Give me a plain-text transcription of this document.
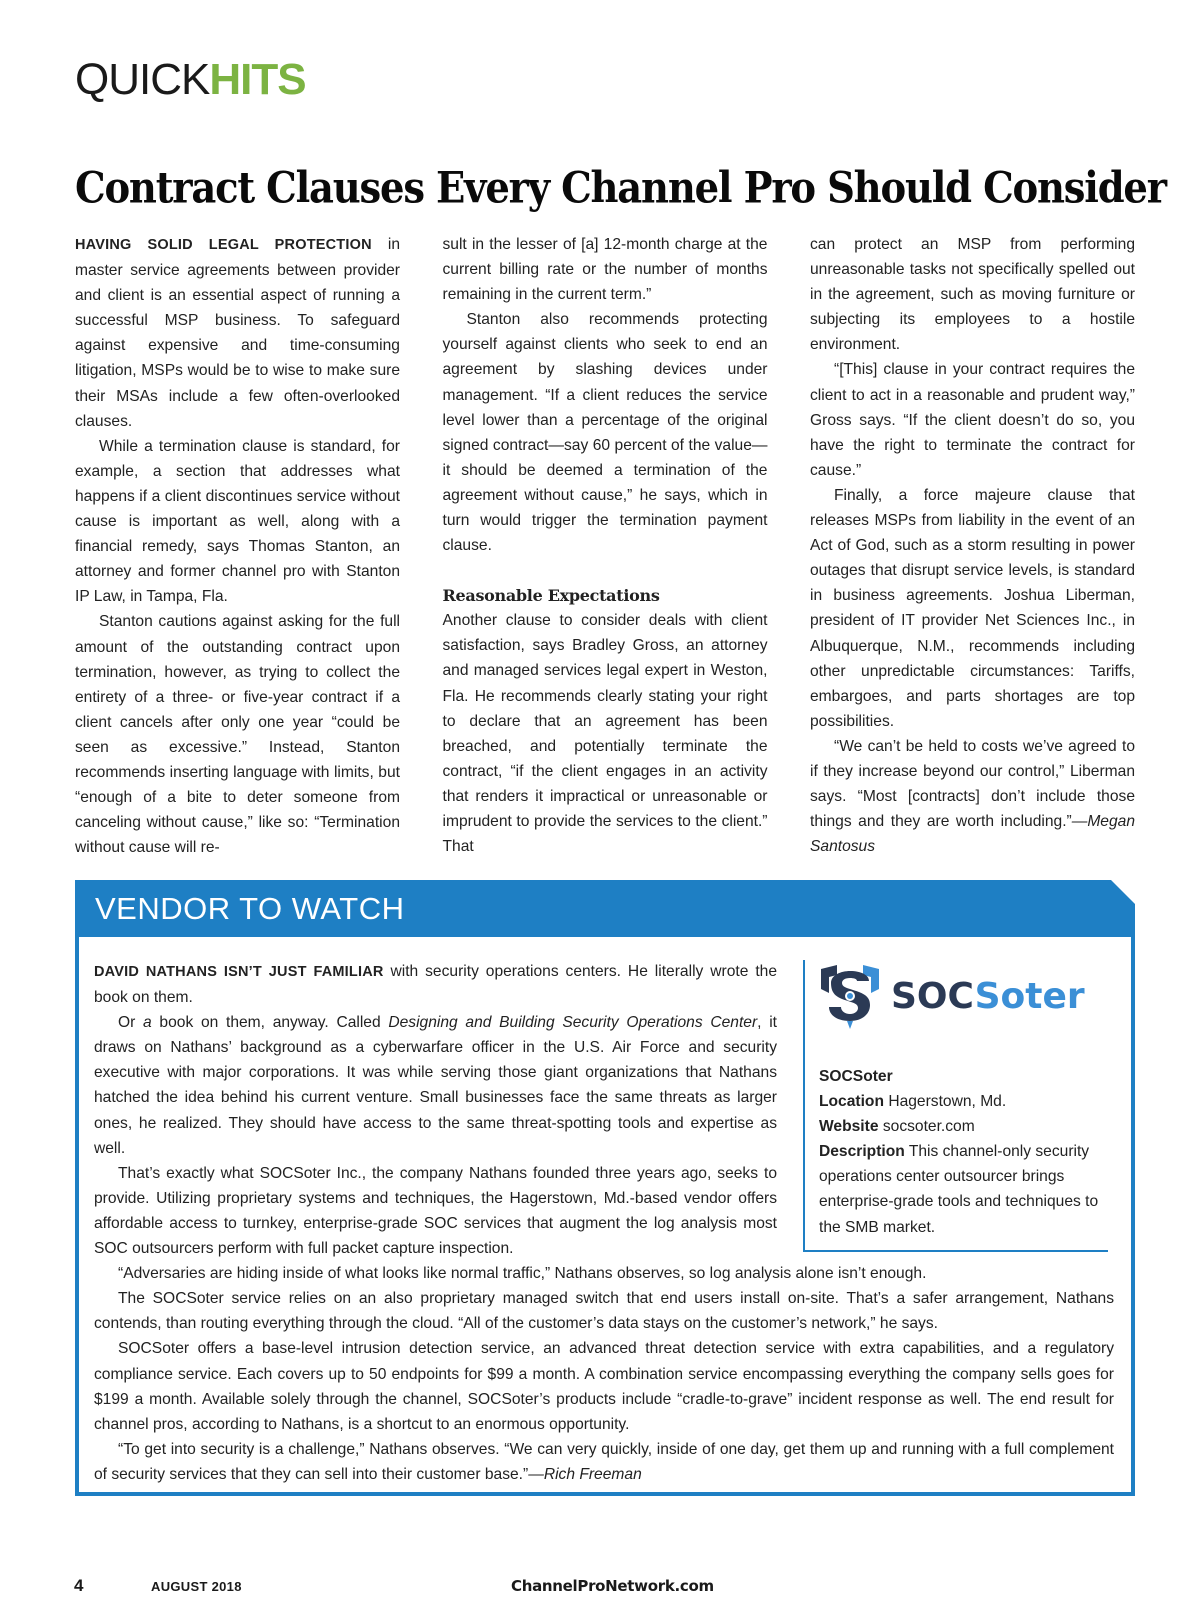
QUICKHITS
Contract Clauses Every Channel Pro Should Consider

HAVING SOLID LEGAL PROTECTION in master service agreements between provider and client is an essential aspect of running a successful MSP business. To safeguard against expensive and time-consuming litigation, MSPs would be to wise to make sure their MSAs include a few often-overlooked clauses.

While a termination clause is standard, for example, a section that addresses what happens if a client discontinues service without cause is important as well, along with a financial remedy, says Thomas Stanton, an attorney and former channel pro with Stanton IP Law, in Tampa, Fla.

Stanton cautions against asking for the full amount of the outstanding contract upon termination, however, as trying to collect the entirety of a three- or five-year contract if a client cancels after only one year “could be seen as excessive.” Instead, Stanton recommends inserting language with limits, but “enough of a bite to deter someone from canceling without cause,” like so: “Termination without cause will re-

sult in the lesser of [a] 12-month charge at the current billing rate or the number of months remaining in the current term.”

Stanton also recommends protecting yourself against clients who seek to end an agreement by slashing devices under management. “If a client reduces the service level lower than a percentage of the original signed contract—say 60 percent of the value—it should be deemed a termination of the agreement without cause,” he says, which in turn would trigger the termination payment clause.

Reasonable Expectations

Another clause to consider deals with client satisfaction, says Bradley Gross, an attorney and managed services legal expert in Weston, Fla. He recommends clearly stating your right to declare that an agreement has been breached, and potentially terminate the contract, “if the client engages in an activity that renders it impractical or unreasonable or imprudent to provide the services to the client.” That

can protect an MSP from performing unreasonable tasks not specifically spelled out in the agreement, such as moving furniture or subjecting its employees to a hostile environment.

“[This] clause in your contract requires the client to act in a reasonable and prudent way,” Gross says. “If the client doesn’t do so, you have the right to terminate the contract for cause.”

Finally, a force majeure clause that releases MSPs from liability in the event of an Act of God, such as a storm resulting in power outages that disrupt service levels, is standard in business agreements. Joshua Liberman, president of IT provider Net Sciences Inc., in Albuquerque, N.M., recommends including other unpredictable circumstances: Tariffs, embargoes, and parts shortages are top possibilities.

“We can’t be held to costs we’ve agreed to if they increase beyond our control,” Liberman says. “Most [contracts] don’t include those things and they are worth including.”—Megan Santosus

VENDOR TO WATCH

DAVID NATHANS ISN’T JUST FAMILIAR with security operations centers. He literally wrote the book on them.

Or a book on them, anyway. Called Designing and Building Security Operations Center, it draws on Nathans’ background as a cyberwarfare officer in the U.S. Air Force and security executive with major corporations. It was while serving those giant organizations that Nathans hatched the idea behind his current venture. Small businesses face the same threats as larger ones, he realized. They should have access to the same threat-spotting tools and expertise as well.

That’s exactly what SOCSoter Inc., the company Nathans founded three years ago, seeks to provide. Utilizing proprietary systems and techniques, the Hagerstown, Md.-based vendor offers affordable access to turnkey, enterprise-grade SOC services that augment the log analysis most SOC outsourcers perform with full packet capture inspection.

“Adversaries are hiding inside of what looks like normal traffic,” Nathans observes, so log analysis alone isn’t enough.

The SOCSoter service relies on an also proprietary managed switch that end users install on-site. That’s a safer arrangement, Nathans contends, than routing everything through the cloud. “All of the customer’s data stays on the customer’s network,” he says.

SOCSoter offers a base-level intrusion detection service, an advanced threat detection service with extra capabilities, and a regulatory compliance service. Each covers up to 50 endpoints for $99 a month. A combination service encompassing everything the company sells goes for $199 a month. Available solely through the channel, SOCSoter’s products include “cradle-to-grave” incident response as well. The end result for channel pros, according to Nathans, is a shortcut to an enormous opportunity.

“To get into security is a challenge,” Nathans observes. “We can very quickly, inside of one day, get them up and running with a full complement of security services that they can sell into their customer base.”—Rich Freeman

SOCSoter
SOCSoter
Location Hagerstown, Md.
Website socsoter.com
Description This channel-only security operations center outsourcer brings enterprise-grade tools and techniques to the SMB market.
4	AUGUST 2018	ChannelProNetwork.com
